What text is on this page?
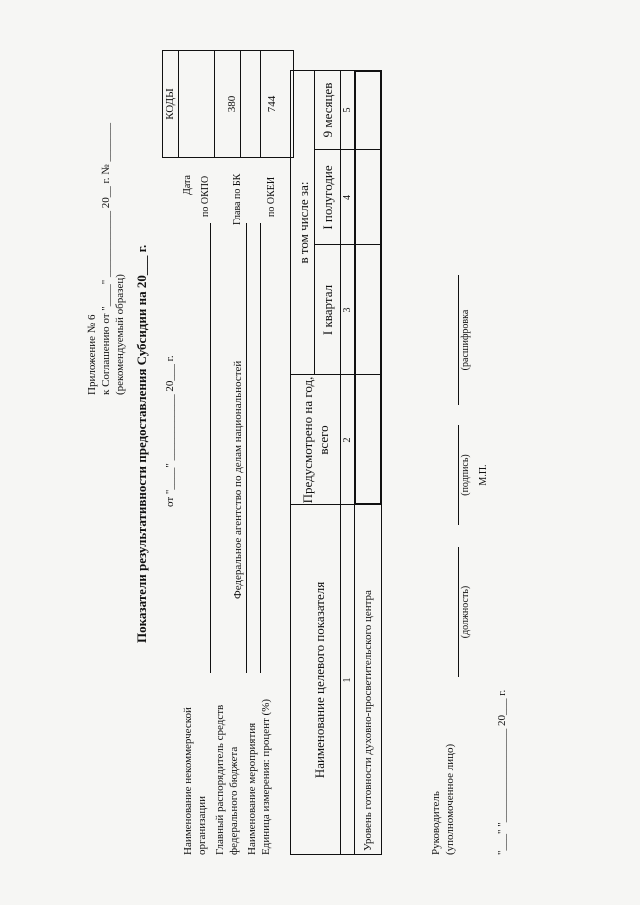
Приложение № 6 к Соглашению от "____" ____________ 20__ г. № _______ (рекомендуемый образец) Показатели результативности предоставления Субсидии на 20___ г. от "____" ____________ 20___ г.
КОДЫ
Дата
Наименование некоммерческой организации
по ОКПО
Главный распорядитель средств федерального бюджета
Федеральное агентство по делам национальностей
Глава по БК
380
Наименование мероприятия Единица измерения: процент (%)
по ОКЕИ
744
Наименование целевого показателя
Предусмотрено на год, всего
в том числе за:
I квартал
I полугодие
9 месяцев
1
2
3
4
5
Уровень готовности духовно-просветительского центра	Руководитель (уполномоченное лицо)
(должность)
(подпись) М.П.
(расшифровка
"___" "_________________ 20___ г.
